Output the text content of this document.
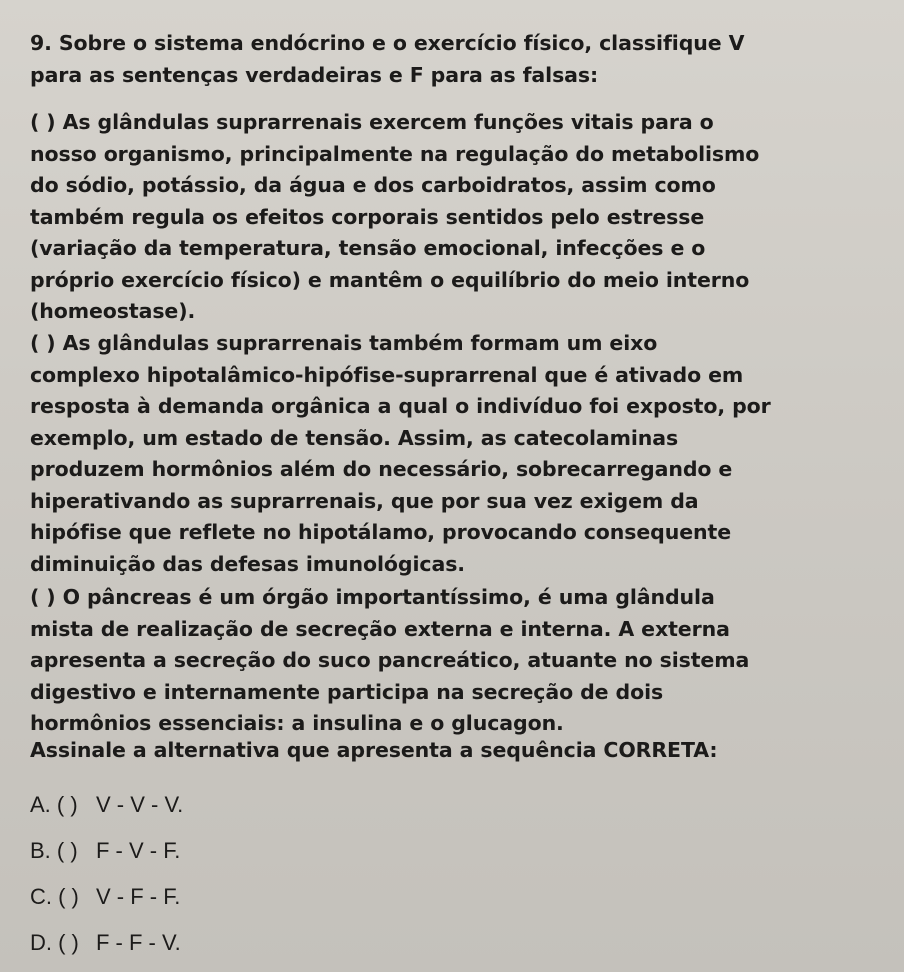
9. Sobre o sistema endócrino e o exercício físico, classifique V
para as sentenças verdadeiras e F para as falsas:
( ) As glândulas suprarrenais exercem funções vitais para o
nosso organismo, principalmente na regulação do metabolismo
do sódio, potássio, da água e dos carboidratos, assim como
também regula os efeitos corporais sentidos pelo estresse
(variação da temperatura, tensão emocional, infecções e o
próprio exercício físico) e mantêm o equilíbrio do meio interno
(homeostase).
( ) As glândulas suprarrenais também formam um eixo
complexo hipotalâmico-hipófise-suprarrenal que é ativado em
resposta à demanda orgânica a qual o indivíduo foi exposto, por
exemplo, um estado de tensão. Assim, as catecolaminas
produzem hormônios além do necessário, sobrecarregando e
hiperativando as suprarrenais, que por sua vez exigem da
hipófise que reflete no hipotálamo, provocando consequente
diminuição das defesas imunológicas.
( ) O pâncreas é um órgão importantíssimo, é uma glândula
mista de realização de secreção externa e interna. A externa
apresenta a secreção do suco pancreático, atuante no sistema
digestivo e internamente participa na secreção de dois
hormônios essenciais: a insulina e o glucagon.
Assinale a alternativa que apresenta a sequência CORRETA:
A. ( ) V - V - V.
B. ( ) F - V - F.
C. ( ) V - F - F.
D. ( ) F - F - V.
